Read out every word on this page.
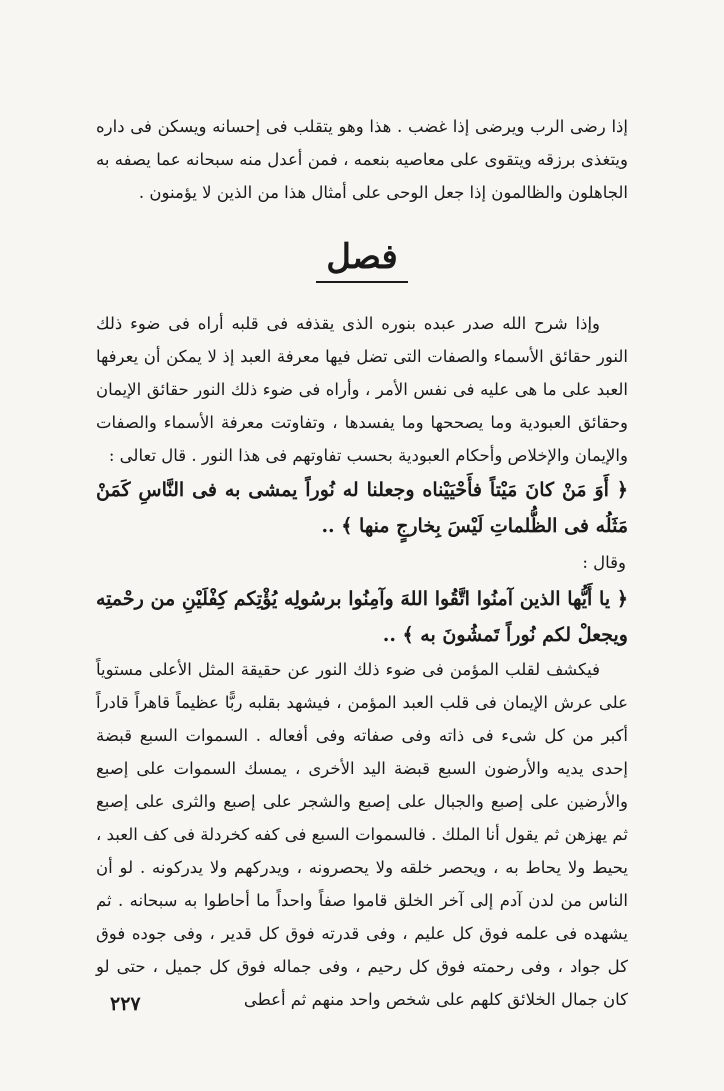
إذا رضى الرب ويرضى إذا غضب . هذا وهو يتقلب فى إحسانه ويسكن فى داره ويتغذى برزقه ويتقوى على معاصيه بنعمه ، فمن أعدل منه سبحانه عما يصفه به الجاهلون والظالمون إذا جعل الوحى على أمثال هذا من الذين لا يؤمنون .

فصل

وإذا شرح الله صدر عبده بنوره الذى يقذفه فى قلبه أراه فى ضوء ذلك النور حقائق الأسماء والصفات التى تضل فيها معرفة العبد إذ لا يمكن أن يعرفها العبد على ما هى عليه فى نفس الأمر ، وأراه فى ضوء ذلك النور حقائق الإيمان وحقائق العبودية وما يصححها وما يفسدها ، وتفاوتت معرفة الأسماء والصفات والإيمان والإخلاص وأحكام العبودية بحسب تفاوتهم فى هذا النور . قال تعالى :

﴿ أَوَ مَنْ كانَ مَيْتاً فأَحْيَيْناه وجعلنا له نُوراً يمشى به فى النَّاسِ كَمَنْ مَثَلُه فى الظُّلماتِ لَيْسَ بِخارجٍ منها ﴾ ..

وقال :

﴿ يا أَيُّها الذين آمنُوا اتَّقُوا اللهَ وآمِنُوا برسُولِه يُؤْتِكم كِفْلَيْنِ من رحْمتِه ويجعلْ لكم نُوراً تَمشُونَ به ﴾ ..

فيكشف لقلب المؤمن فى ضوء ذلك النور عن حقيقة المثل الأعلى مستوياً على عرش الإيمان فى قلب العبد المؤمن ، فيشهد بقلبه ربًّا عظيماً قاهراً قادراً أكبر من كل شىء فى ذاته وفى صفاته وفى أفعاله . السموات السبع قبضة إحدى يديه والأرضون السبع قبضة اليد الأخرى ، يمسك السموات على إصبع والأرضين على إصبع والجبال على إصبع والشجر على إصبع والثرى على إصبع ثم يهزهن ثم يقول أنا الملك . فالسموات السبع فى كفه كخردلة فى كف العبد ، يحيط ولا يحاط به ، ويحصر خلقه ولا يحصرونه ، ويدركهم ولا يدركونه . لو أن الناس من لدن آدم إلى آخر الخلق قاموا صفاً واحداً ما أحاطوا به سبحانه . ثم يشهده فى علمه فوق كل عليم ، وفى قدرته فوق كل قدير ، وفى جوده فوق كل جواد ، وفى رحمته فوق كل رحيم ، وفى جماله فوق كل جميل ، حتى لو كان جمال الخلائق كلهم على شخص واحد منهم ثم أعطى

٢٢٧
